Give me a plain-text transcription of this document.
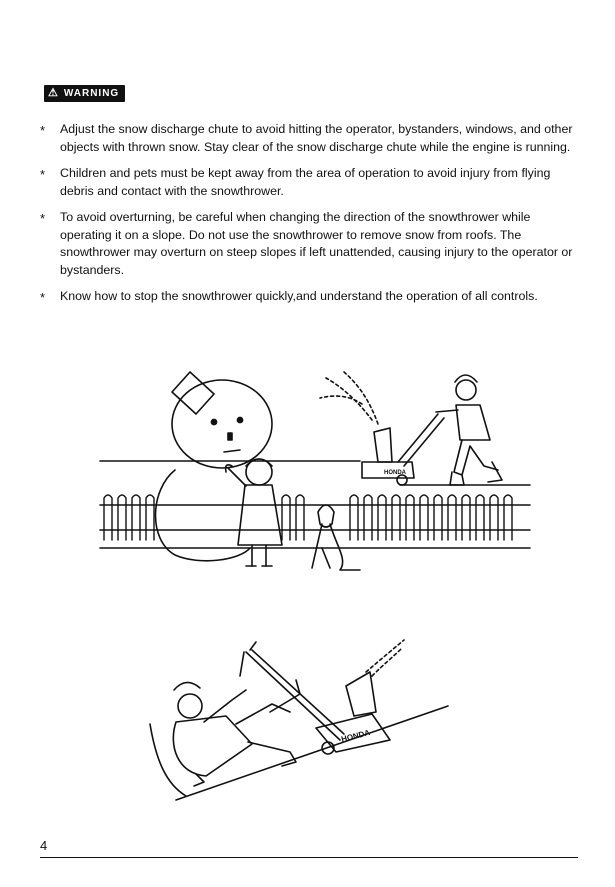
⚠ WARNING
* Adjust the snow discharge chute to avoid hitting the operator, bystanders, windows, and other objects with thrown snow. Stay clear of the snow discharge chute while the engine is running.
* Children and pets must be kept away from the area of operation to avoid injury from flying debris and contact with the snowthrower.
* To avoid overturning, be careful when changing the direction of the snowthrower while operating it on a slope. Do not use the snowthrower to remove snow from roofs. The snowthrower may overturn on steep slopes if left unattended, causing injury to the operator or bystanders.
* Know how to stop the snowthrower quickly,and understand the operation of all controls.
HONDA
HONDA
4
